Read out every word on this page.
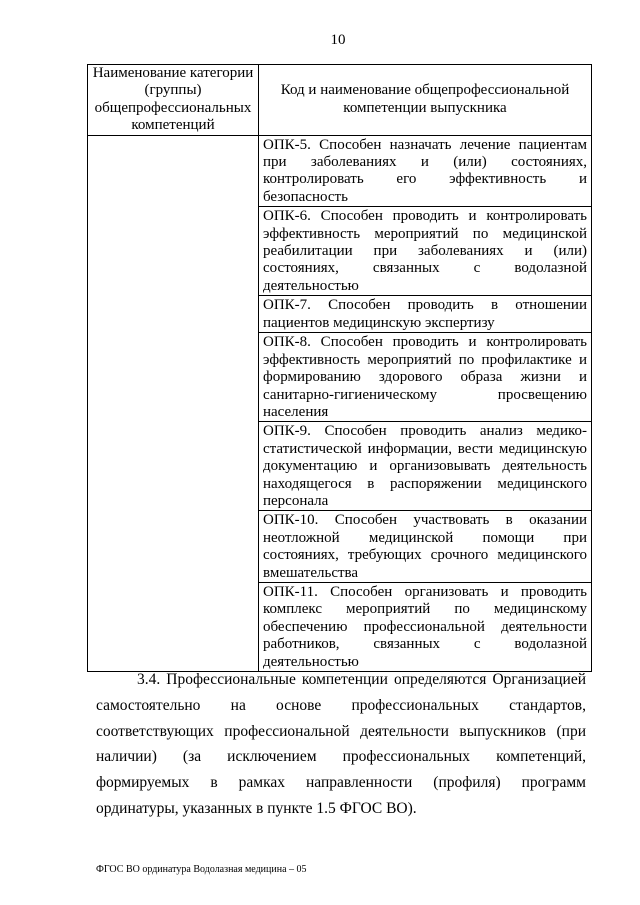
10
Наименование категории (группы) общепрофессиональных компетенций	Код и наименование общепрофессиональной компетенции выпускника
	ОПК-5. Способен назначать лечение пациентам при заболеваниях и (или) состояниях, контролировать его эффективность и безопасность
	ОПК-6. Способен проводить и контролировать эффективность мероприятий по медицинской реабилитации при заболеваниях и (или) состояниях, связанных с водолазной деятельностью
	ОПК-7. Способен проводить в отношении пациентов медицинскую экспертизу
	ОПК-8. Способен проводить и контролировать эффективность мероприятий по профилактике и формированию здорового образа жизни и санитарно-гигиеническому просвещению населения
	ОПК-9. Способен проводить анализ медико-статистической информации, вести медицинскую документацию и организовывать деятельность находящегося в распоряжении медицинского персонала
	ОПК-10. Способен участвовать в оказании неотложной медицинской помощи при состояниях, требующих срочного медицинского вмешательства
	ОПК-11. Способен организовать и проводить комплекс мероприятий по медицинскому обеспечению профессиональной деятельности работников, связанных с водолазной деятельностью

3.4. Профессиональные компетенции определяются Организацией самостоятельно на основе профессиональных стандартов, соответствующих профессиональной деятельности выпускников (при наличии) (за исключением профессиональных компетенций, формируемых в рамках направленности (профиля) программ ординатуры, указанных в пункте 1.5 ФГОС ВО).

ФГОС ВО ординатура Водолазная медицина – 05
